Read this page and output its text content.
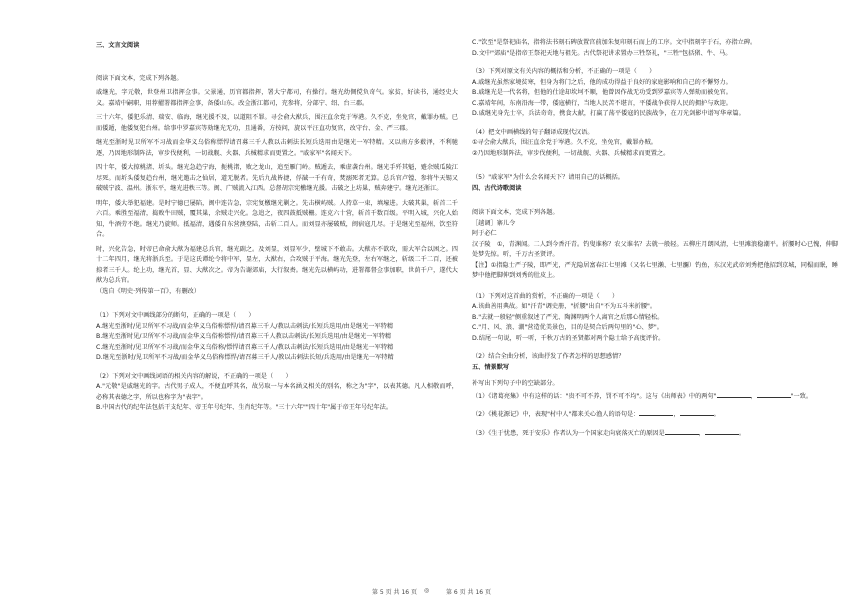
三、文言文阅读

阅读下面文本，完成下列各题。

戚继光，字元敬，世登州卫指挥佥事。父景通，历官都指挥，署大宁都司，有操行。继光幼倜傥负奇气。家贫，好读书，通经史大义。嘉靖中嗣职，用荐擢署都指挥佥事，备倭山东。改佥浙江都司，充参将，分部宁、绍、台三郡。

三十六年，倭犯乐清、瑞安、临海，继光援不及，以道阻不罪。寻会俞大猷兵，围汪直余党于岑港。久不克，坐免官，戴罪办贼。已而倭遁，他倭复犯台州。给事中罗嘉宾等劾继光无功，且通番，方按问，旋以平汪直功复官，改守台、金、严三郡。

继光至浙时见卫所军不习战而金华义乌俗称慓悍请召募三千人教以击刺法长短兵迭用由是继光一军特精。又以南方多薮泽，不利驰逐，乃因地形制阵法，审步伐便利，一切战舰、火器、兵械精求而更置之。"戚家军"名闻天下。

四十年，倭大掠桃渚、圻头。继光急趋宁海，扼桃渚，败之龙山，追至雁门岭。贼遁去，乘虚袭台州。继光手歼其魁，蹙余贼瓜陵江尽死。而圻头倭复趋台州，继光邀击之仙居，道无脱者。先后九战皆捷，俘馘一千有奇，焚溺死者无算。总兵官卢镗、参将牛天锡又破贼宁波、温州。浙东平，继光进秩三等。闽、广贼流入江西。总督胡宗宪檄继光援。击破之上坊巢，贼奔建宁。继光还浙江。

明年，倭大举犯福建。是时宁德已屡陷，闽中连告急，宗宪复檄继光剿之。先击横屿贼。人持草一束，填壕进。大破其巢，斩首二千六百。乘胜至福清，捣败牛田贼，覆其巢，余贼走兴化。急追之，夜四鼓抵贼栅。连克六十营，斩首千数百级。平明入城，兴化人始知，牛酒劳不绝。继光乃旋师。抵福清，遇倭自东营澳登陆，击斩二百人。而刘显亦屡破贼，闽宿寇几尽。于是继光至福州，饮至符合。

时，兴化告急，时帝已命俞大猷为福建总兵官，继光副之。及刘显，刘显军少，壁城下不敢击。大猷亦不欲攻，需大军合以困之。四十二年四月，继光将浙兵至。于是这氏谭纶令将中军，显左，大猷右，合攻贼于平海。继光先登，左右军继之，斩级二千二百，还被掠者三千人。纶上功，继光首，显、大猷次之。帝为告谢郊庙，大行叙赉。继光先以横屿功，进署都督佥事加职，世荫千户，遂代大猷为总兵官。

（选自《明史·列传第一百》，有删改）

（1）下列对文中画线部分的断句，正确的一项是（　　）

A.继光至浙时/见卫所军不习战/而金华义乌俗称慓悍/请召募三千人/教以击刺法/长短兵迭用/由是继光一军特精

B.继光至浙时见/卫所军不习战/而金华义乌俗称慓悍/请召募三千人教以击刺法/长短兵迭用/由是继光一军特精

C.继光至浙时/见卫所军不习战/而金华义乌俗称/慓悍请召募三千人/教以击刺法/长短兵迭用/由是继光一军特精

D.继光至浙时/见卫所军不习战/而金华义乌俗称慓悍/请召募三千人/教以击刺法长短/兵迭用/由是继光一军特精

（2）下列对文中画线词语的相关内容的解说，不正确的一项是（　　）

A."元敬"是戚继光的字。古代男子成人，不便直呼其名，故另取一与本名涵义相关的别名，称之为"字"，以表其德。凡人相敬而呼，必称其表德之字，所以也称字为"表字"。

B.中国古代的纪年法包括干支纪年、帝王年号纪年、生肖纪年等。"三十六年""四十年"属于帝王年号纪年法。

C."饮至"是祭祀庙名，指将法书刻石碑放置宫前加朱复印刻石而上的工序。文中指刻字于石，亦指立碑。

D.文中"郊庙"是指帝王祭祀天地与祖先。古代祭祀讲求置办三牲祭礼，"三牲"包括猪、牛、马。

（3）下列对原文有关内容的概括和分析，不正确的一项是（　　）

A.戚继光虽然家境贫寒，但身为将门之后，他的成功得益于良好的家庭影响和自己的不懈努力。

B.戚继光是一代名将，但他的仕途却坎坷不顺，他曾因作战无功受到罗嘉宾等人弹劾而被免官。

C.嘉靖年间，东南沿海一带，倭寇横行，当地人民苦不堪言，平倭战争获得人民的拥护与欢迎。

D.戚继光身先士卒，兵法奇奇，携食大献，打赢了荡平倭寇的民族战争，在刀光剑影中谱写华章篇。

（4）把文中画横线的句子翻译成现代汉语。

①寻会俞大猷兵，围汪直余党于岑港。久不克，坐免官，戴罪办贼。

②乃因地形制阵法，审步伐便利，一切战舰、火器、兵械精求而更置之。

（5）"戚家军"为什么会名闻天下？请用自己的话概括。

四、古代诗歌阅读

阅读下面文本，完成下列各题。

［越调］寨儿令

阿于必仁

汉子陵　①，青渊闻。二人到今香汗青。钓叟谁称？农父谁名？去就一般轻。五柳庄月朗风清，七里滩浪稳潮平。折腰时心已愧，伸脚处梦先惊。听，千万古圣贤评。

【注】①指隐士严子陵，即严光，严光隐居富春江七里滩（又名七里濑、七里瀰）钓鱼，东汉光武帝刘秀把他招到京城，同榻而眠，睡梦中他把脚伸到刘秀的肚皮上。

（1）下列对这首曲的赏析，不正确的一项是（　　）

A.该曲善用典故。如"汗青"调史册，"折腰"出自"不为五斗米折腰"。

B."去就一般轻"侧重叙述了严光、陶渊明两个人离官之后那心情轻松。

C."月、风、浪、潮"营造优美景色，目的是契合后两句里的"心、梦"。

D.结尾一句说，听一听，千秋万古的圣贤都对两个隐士给予高度评价。

（2）结合全曲分析，该曲抒发了作者怎样的思想感情？

五、情景默写

补写出下列句子中的空缺部分。

（1）《诸葛亮集》中有这样的话："贵不可不养，罚不可不均"。这与《出师表》中的两句"	，	"一致。

（2）《桃花源记》中，表现"村中人"都来关心渔人的语句是：	，	。

（3）《生于忧患，死于安乐》作者认为一个国家走向衰落灭亡的原因是	，	。

第 5 页 共 16 页 ◎	第 6 页 共 16 页
